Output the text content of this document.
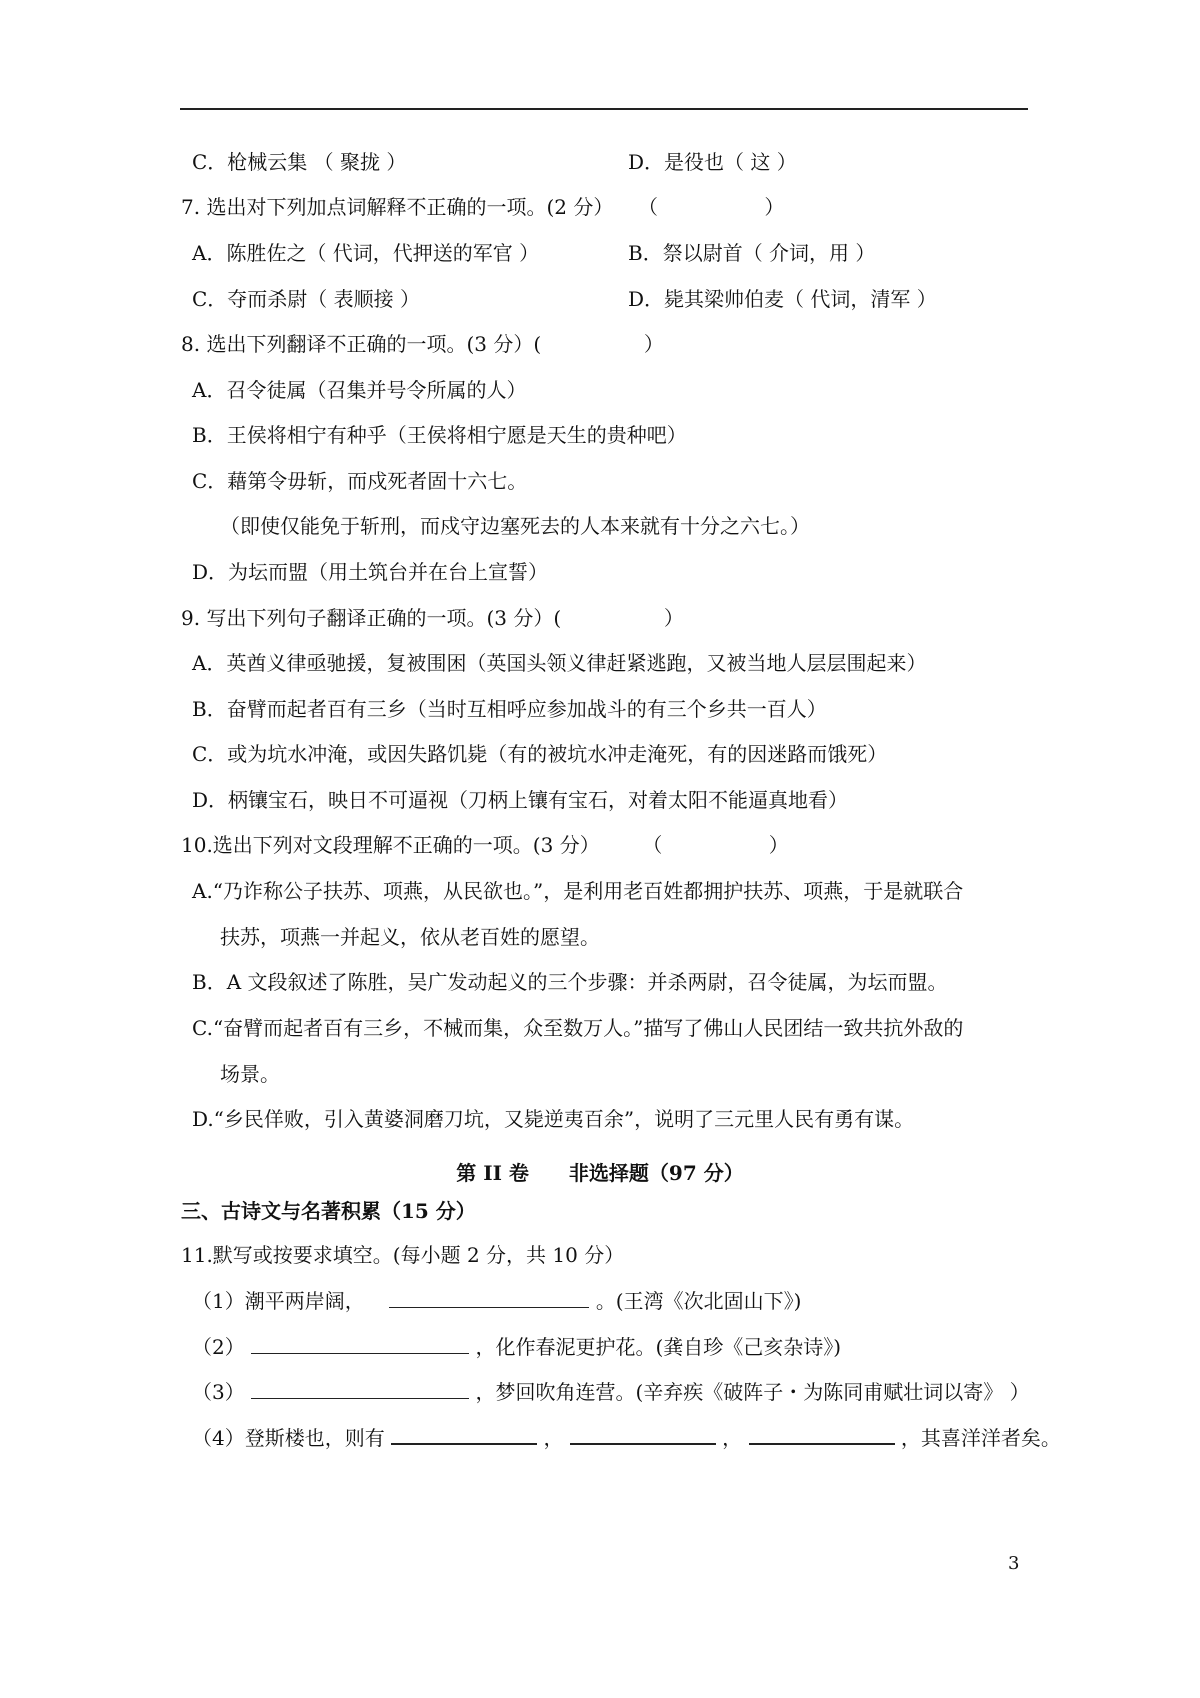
C．枪械云集 （ 聚拢 ）	D．是役也（ 这 ）
7. 选出对下列加点词解释不正确的一项。(2 分） （ ）
A．陈胜佐之（ 代词，代押送的军官 ）	B．祭以尉首（ 介词，用 ）
C．夺而杀尉（ 表顺接 ）	D．毙其梁帅伯麦（ 代词，清军 ）
8. 选出下列翻译不正确的一项。(3 分）(	）
A．召令徒属（召集并号令所属的人）
B．王侯将相宁有种乎（王侯将相宁愿是天生的贵种吧）
C．藉第令毋斩，而戍死者固十六七。
（即使仅能免于斩刑，而戍守边塞死去的人本来就有十分之六七。）
D．为坛而盟（用土筑台并在台上宣誓）
9. 写出下列句子翻译正确的一项。(3 分）(	）
A．英酋义律亟驰援，复被围困（英国头领义律赶紧逃跑，又被当地人层层围起来）
B．奋臂而起者百有三乡（当时互相呼应参加战斗的有三个乡共一百人）
C．或为坑水冲淹，或因失路饥毙（有的被坑水冲走淹死，有的因迷路而饿死）
D．柄镶宝石，映日不可逼视（刀柄上镶有宝石，对着太阳不能逼真地看）
10.选出下列对文段理解不正确的一项。(3 分） （ ）
A.“乃诈称公子扶苏、项燕，从民欲也。”，是利用老百姓都拥护扶苏、项燕，于是就联合
扶苏，项燕一并起义，依从老百姓的愿望。
B．A 文段叙述了陈胜，吴广发动起义的三个步骤：并杀两尉，召令徒属，为坛而盟。
C.“奋臂而起者百有三乡，不械而集，众至数万人。”描写了佛山人民团结一致共抗外敌的
场景。
D.“乡民佯败，引入黄婆洞磨刀坑，又毙逆夷百余”，说明了三元里人民有勇有谋。
第 II 卷　　非选择题（97 分）
三、古诗文与名著积累（15 分）
11.默写或按要求填空。(每小题 2 分，共 10 分）
（1）潮平两岸阔，	。(王湾《次北固山下》)
（2）	，化作春泥更护花。(龚自珍《己亥杂诗》)
（3）	，梦回吹角连营。(辛弃疾《破阵子・为陈同甫赋壮词以寄》 ）
（4）登斯楼也，则有	，	，	，其喜洋洋者矣。
3
